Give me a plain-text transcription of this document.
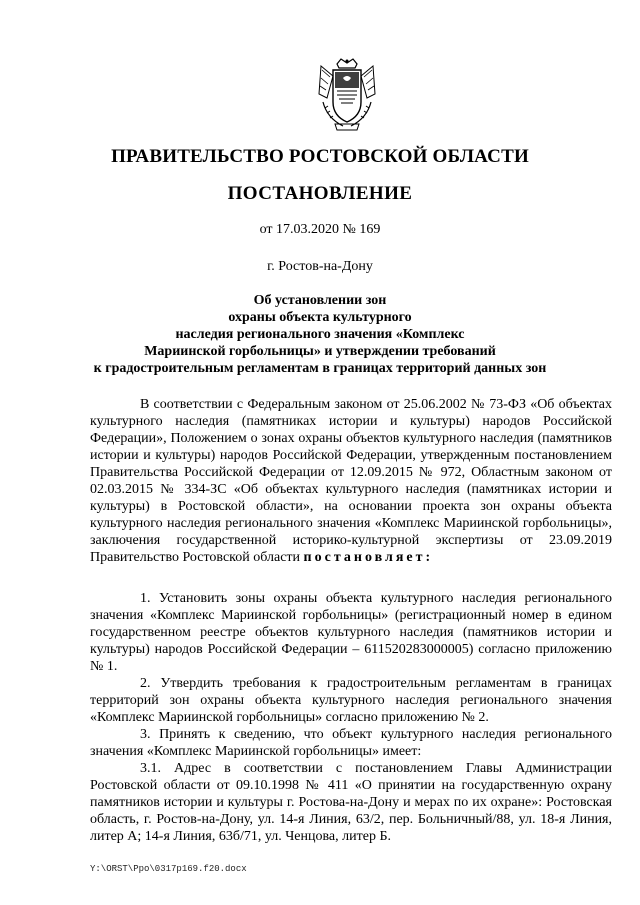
ПРАВИТЕЛЬСТВО РОСТОВСКОЙ ОБЛАСТИ
ПОСТАНОВЛЕНИЕ
от 17.03.2020 № 169
г. Ростов-на-Дону
Об установлении зон
охраны объекта культурного
наследия регионального значения «Комплекс
Мариинской горбольницы» и утверждении требований
к градостроительным регламентам в границах территорий данных зон

В соответствии с Федеральным законом от 25.06.2002 № 73-ФЗ «Об объектах культурного наследия (памятниках истории и культуры) народов Российской Федерации», Положением о зонах охраны объектов культурного наследия (памятников истории и культуры) народов Российской Федерации, утвержденным постановлением Правительства Российской Федерации от 12.09.2015 № 972, Областным законом от 02.03.2015 № 334-ЗС «Об объектах культурного наследия (памятниках истории и культуры) в Ростовской области», на основании проекта зон охраны объекта культурного наследия регионального значения «Комплекс Мариинской горбольницы», заключения государственной историко-культурной экспертизы от 23.09.2019 Правительство Ростовской области постановляет:

1. Установить зоны охраны объекта культурного наследия регионального значения «Комплекс Мариинской горбольницы» (регистрационный номер в едином государственном реестре объектов культурного наследия (памятников истории и культуры) народов Российской Федерации – 611520283000005) согласно приложению № 1.

2. Утвердить требования к градостроительным регламентам в границах территорий зон охраны объекта культурного наследия регионального значения «Комплекс Мариинской горбольницы» согласно приложению № 2.

3. Принять к сведению, что объект культурного наследия регионального значения «Комплекс Мариинской горбольницы» имеет:

3.1. Адрес в соответствии с постановлением Главы Администрации Ростовской области от 09.10.1998 № 411 «О принятии на государственную охрану памятников истории и культуры г. Ростова-на-Дону и мерах по их охране»: Ростовская область, г. Ростов-на-Дону, ул. 14-я Линия, 63/2, пер. Больничный/88, ул. 18-я Линия, литер А; 14-я Линия, 63б/71, ул. Ченцова, литер Б.

Y:\ORST\Ppo\0317p169.f20.docx
